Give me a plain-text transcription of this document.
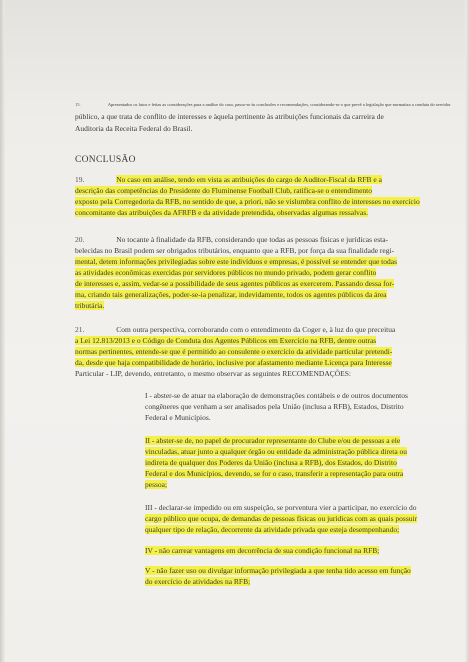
15.	Apresentados os fatos e feitas as considerações para a análise do caso, passo-se às conclusões e recomendações, considerando-se o que prevê a legislação que normatiza a conduta do servidor
público, a que trata de conflito de interesses e àquela pertinente às atribuições funcionais da carreira de
Auditoria da Receita Federal do Brasil.
CONCLUSÃO
19.	No caso em análise, tendo em vista as atribuições do cargo de Auditor-Fiscal da RFB e a
descrição das competências do Presidente do Fluminense Football Club, ratifica-se o entendimento
exposto pela Corregedoria da RFB, no sentido de que, a priori, não se vislumbra conflito de interesses no exercício
concomitante das atribuições da AFRFB e da atividade pretendida, observadas algumas ressalvas.
20.	No tocante à finalidade da RFB, considerando que todas as pessoas físicas e jurídicas esta-
belecidas no Brasil podem ser obrigados tributários, enquanto que a RFB, por força da sua finalidade regi-
mental, detem informações privilegiadas sobre este indivíduos e empresas, é possível se entender que todas
as atividades econômicas exercidas por servidores públicos no mundo privado, podem gerar conflito
de interesses e, assim, vedar-se a possibilidade de seus agentes públicos as exercerem. Passando dessa for-
ma, criando tais generalizações, poder-se-ia penalizar, indevidamente, todos os agentes públicos da área
tributária.
21.	Com outra perspectiva, corroborando com o entendimento da Coger e, à luz do que preceitua
a Lei 12.813/2013 e o Código de Conduta dos Agentes Públicos em Exercício na RFB, dentre outras
normas pertinentes, entende-se que é permitido ao consulente o exercício da atividade particular pretendi-
da, desde que haja compatibilidade de horário, inclusive por afastamento mediante Licença para Interesse
Particular - LIP, devendo, entretanto, o mesmo observar as seguintes RECOMENDAÇÕES:
I - abster-se de atuar na elaboração de demonstrações contábeis e de outros documentos
congêneres que venham a ser analisados pela União (inclusa a RFB), Estados, Distrito
Federal e Municípios.
II - abster-se de, no papel de procurador representante do Clube e/ou de pessoas a ele
vinculadas, atuar junto a qualquer órgão ou entidade da administração pública direta ou
indireta de qualquer dos Poderes da União (inclusa a RFB), dos Estados, do Distrito
Federal e dos Municípios, devendo, se for o caso, transferir a representação para outra
pessoa;
III - declarar-se impedido ou em suspeição, se porventura vier a participar, no exercício do
cargo público que ocupa, de demandas de pessoas físicas ou jurídicas com as quais possuir
qualquer tipo de relação, decorrente da atividade privada que esteja desempenhando;
IV - não carrear vantagens em decorrência de sua condição funcional na RFB;
V - não fazer uso ou divulgar informação privilegiada a que tenha tido acesso em função
do exercício de atividades na RFB;
